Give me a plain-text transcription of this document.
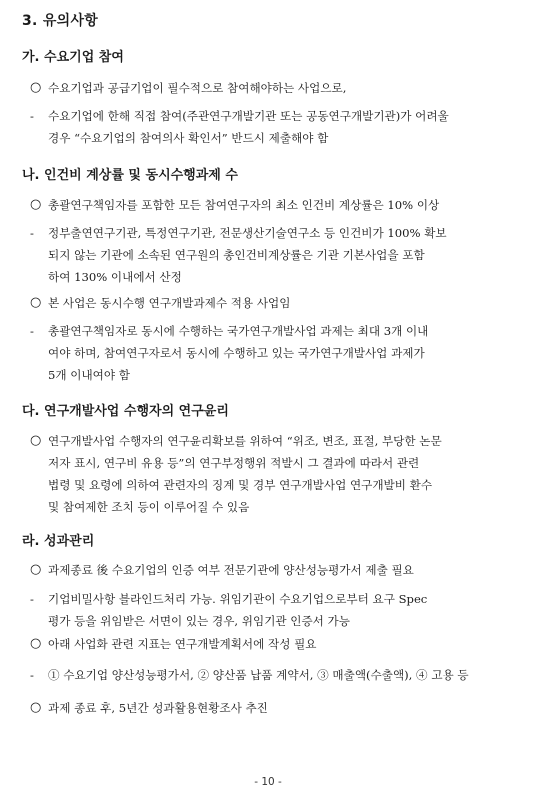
3. 유의사항
가. 수요기업 참여
○ 수요기업과 공급기업이 필수적으로 참여해야하는 사업으로,
- 수요기업에 한해 직접 참여(주관연구개발기관 또는 공동연구개발기관)가 어려울
경우 “수요기업의 참여의사 확인서” 반드시 제출해야 함
나. 인건비 계상률 및 동시수행과제 수
○ 총괄연구책임자를 포함한 모든 참여연구자의 최소 인건비 계상률은 10% 이상
- 정부출연연구기관, 특정연구기관, 전문생산기술연구소 등 인건비가 100% 확보
되지 않는 기관에 소속된 연구원의 총인건비계상률은 기관 기본사업을 포함
하여 130% 이내에서 산정
○ 본 사업은 동시수행 연구개발과제수 적용 사업임
- 총괄연구책임자로 동시에 수행하는 국가연구개발사업 과제는 최대 3개 이내
여야 하며, 참여연구자로서 동시에 수행하고 있는 국가연구개발사업 과제가
5개 이내여야 함
다. 연구개발사업 수행자의 연구윤리
○ 연구개발사업 수행자의 연구윤리확보를 위하여 “위조, 변조, 표절, 부당한 논문
저자 표시, 연구비 유용 등”의 연구부정행위 적발시 그 결과에 따라서 관련
법령 및 요령에 의하여 관련자의 징계 및 경부 연구개발사업 연구개발비 환수
및 참여제한 조치 등이 이루어질 수 있음
라. 성과관리
○ 과제종료 後 수요기업의 인증 여부 전문기관에 양산성능평가서 제출 필요
- 기업비밀사항 블라인드처리 가능. 위임기관이 수요기업으로부터 요구 Spec
평가 등을 위임받은 서면이 있는 경우, 위임기관 인증서 가능
○ 아래 사업화 관련 지표는 연구개발계획서에 작성 필요
- ① 수요기업 양산성능평가서, ② 양산품 납품 계약서, ③ 매출액(수출액), ④ 고용 등
○ 과제 종료 후, 5년간 성과활용현황조사 추진
- 10 -
